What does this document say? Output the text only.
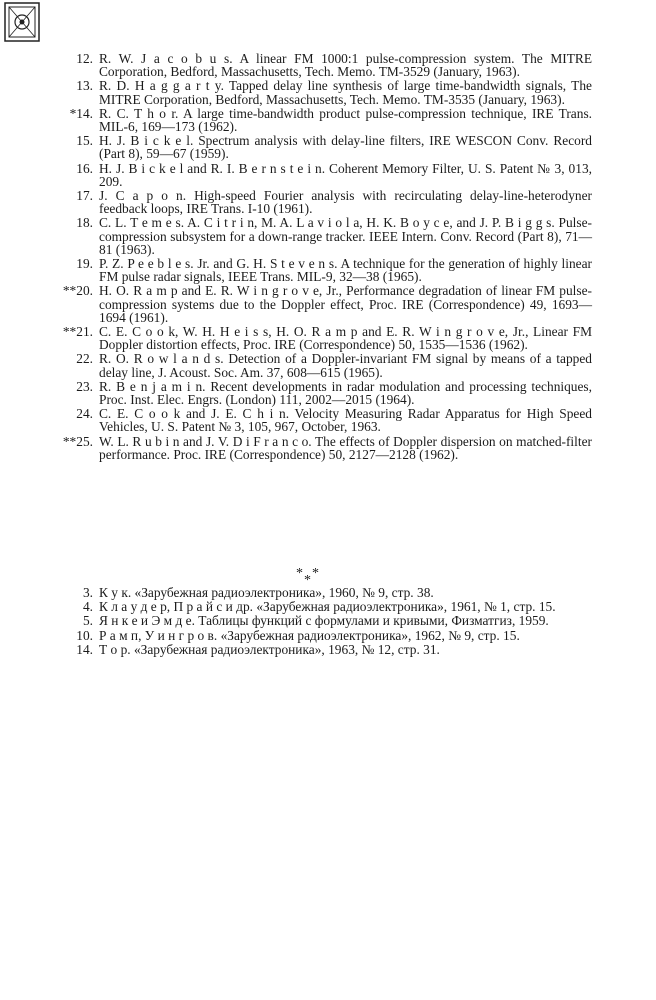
12. R. W. J a c o b u s. A linear FM 1000:1 pulse-compression system. The MITRE Corporation, Bedford, Massachusetts, Tech. Memo. TM-3529 (January, 1963).
13. R. D. H a g g a r t y. Tapped delay line synthesis of large time-bandwidth signals, The MITRE Corporation, Bedford, Massachusetts, Tech. Memo. TM-3535 (January, 1963).
*14. R. C. T h o r. A large time-bandwidth product pulse-compression technique, IRE Trans. MIL-6, 169—173 (1962).
15. H. J. B i c k e l. Spectrum analysis with delay-line filters, IRE WESCON Conv. Record (Part 8), 59—67 (1959).
16. H. J. B i c k e l and R. I. B e r n s t e i n. Coherent Memory Filter, U. S. Patent № 3, 013, 209.
17. J. C a p o n. High-speed Fourier analysis with recirculating delay-line-heterodyner feedback loops, IRE Trans. I-10 (1961).
18. C. L. T e m e s. A. C i t r i n, M. A. L a v i o l a, H. K. B o y c e, and J. P. B i g g s. Pulse-compression subsystem for a down-range tracker. IEEE Intern. Conv. Record (Part 8), 71—81 (1963).
19. P. Z. P e e b l e s. Jr. and G. H. S t e v e n s. A technique for the generation of highly linear FM pulse radar signals, IEEE Trans. MIL-9, 32—38 (1965).
**20. H. O. R a m p and E. R. W i n g r o v e, Jr., Performance degradation of linear FM pulse-compression systems due to the Doppler effect, Proc. IRE (Correspondence) 49, 1693—1694 (1961).
**21. C. E. C o o k, W. H. H e i s s, H. O. R a m p and E. R. W i n g r o v e, Jr., Linear FM Doppler distortion effects, Proc. IRE (Correspondence) 50, 1535—1536 (1962).
22. R. O. R o w l a n d s. Detection of a Doppler-invariant FM signal by means of a tapped delay line, J. Acoust. Soc. Am. 37, 608—615 (1965).
23. R. B e n j a m i n. Recent developments in radar modulation and processing techniques, Proc. Inst. Elec. Engrs. (London) 111, 2002—2015 (1964).
24. C. E. C o o k and J. E. C h i n. Velocity Measuring Radar Apparatus for High Speed Vehicles, U. S. Patent № 3, 105, 967, October, 1963.
**25. W. L. R u b i n and J. V. D i F r a n c o. The effects of Doppler dispersion on matched-filter performance. Proc. IRE (Correspondence) 50, 2127—2128 (1962).
* *
*
3. К у к. «Зарубежная радиоэлектроника», 1960, № 9, стр. 38.
4. К л а у д е р, П р а й с и др. «Зарубежная радиоэлектроника», 1961, № 1, стр. 15.
5. Я н к е и Э м д е. Таблицы функций с формулами и кривыми, Физматгиз, 1959.
10. Р а м п, У и н г р о в. «Зарубежная радиоэлектроника», 1962, № 9, стр. 15.
14. Т о р. «Зарубежная радиоэлектроника», 1963, № 12, стр. 31.
